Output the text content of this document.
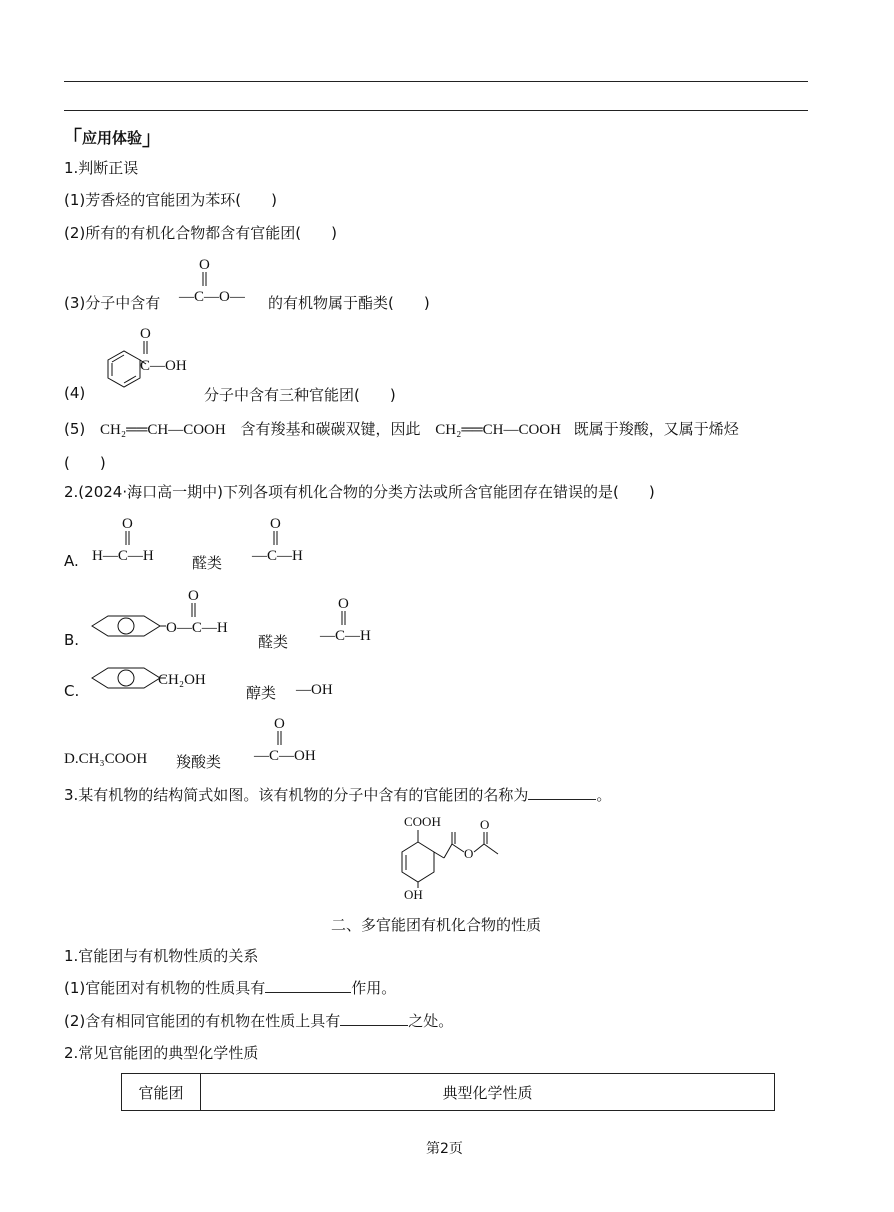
「应用体验」
1.判断正误
(1)芳香烃的官能团为苯环(　　)
(2)所有的有机化合物都含有官能团(　　)
(3)分子中含有
O
—C—O— 的有机物属于酯类(　　)
(4)
O
C—OH
分子中含有三种官能团(　　)
(5) CH₂══CH—COOH 含有羧基和碳碳双键，因此 CH₂══CH—COOH 既属于羧酸，又属于烯烃
(　　)
2.(2024·海口高一期中)下列各项有机化合物的分类方法或所含官能团存在错误的是(　　)
A.
O
H—C—H	醛类
O
—C—H
B.
O
O—C—H
醛类
O
—C—H
C.
CH₂OH
醇类 —OH
D.CH₃COOH 羧酸类
O
—C—OH
3.某有机物的结构简式如图。该有机物的分子中含有的官能团的名称为	。
COOH
OH
O
O
二、多官能团有机化合物的性质
1.官能团与有机物性质的关系
(1)官能团对有机物的性质具有	作用。
(2)含有相同官能团的有机物在性质上具有	之处。
2.常见官能团的典型化学性质
官能团	典型化学性质
第2页
